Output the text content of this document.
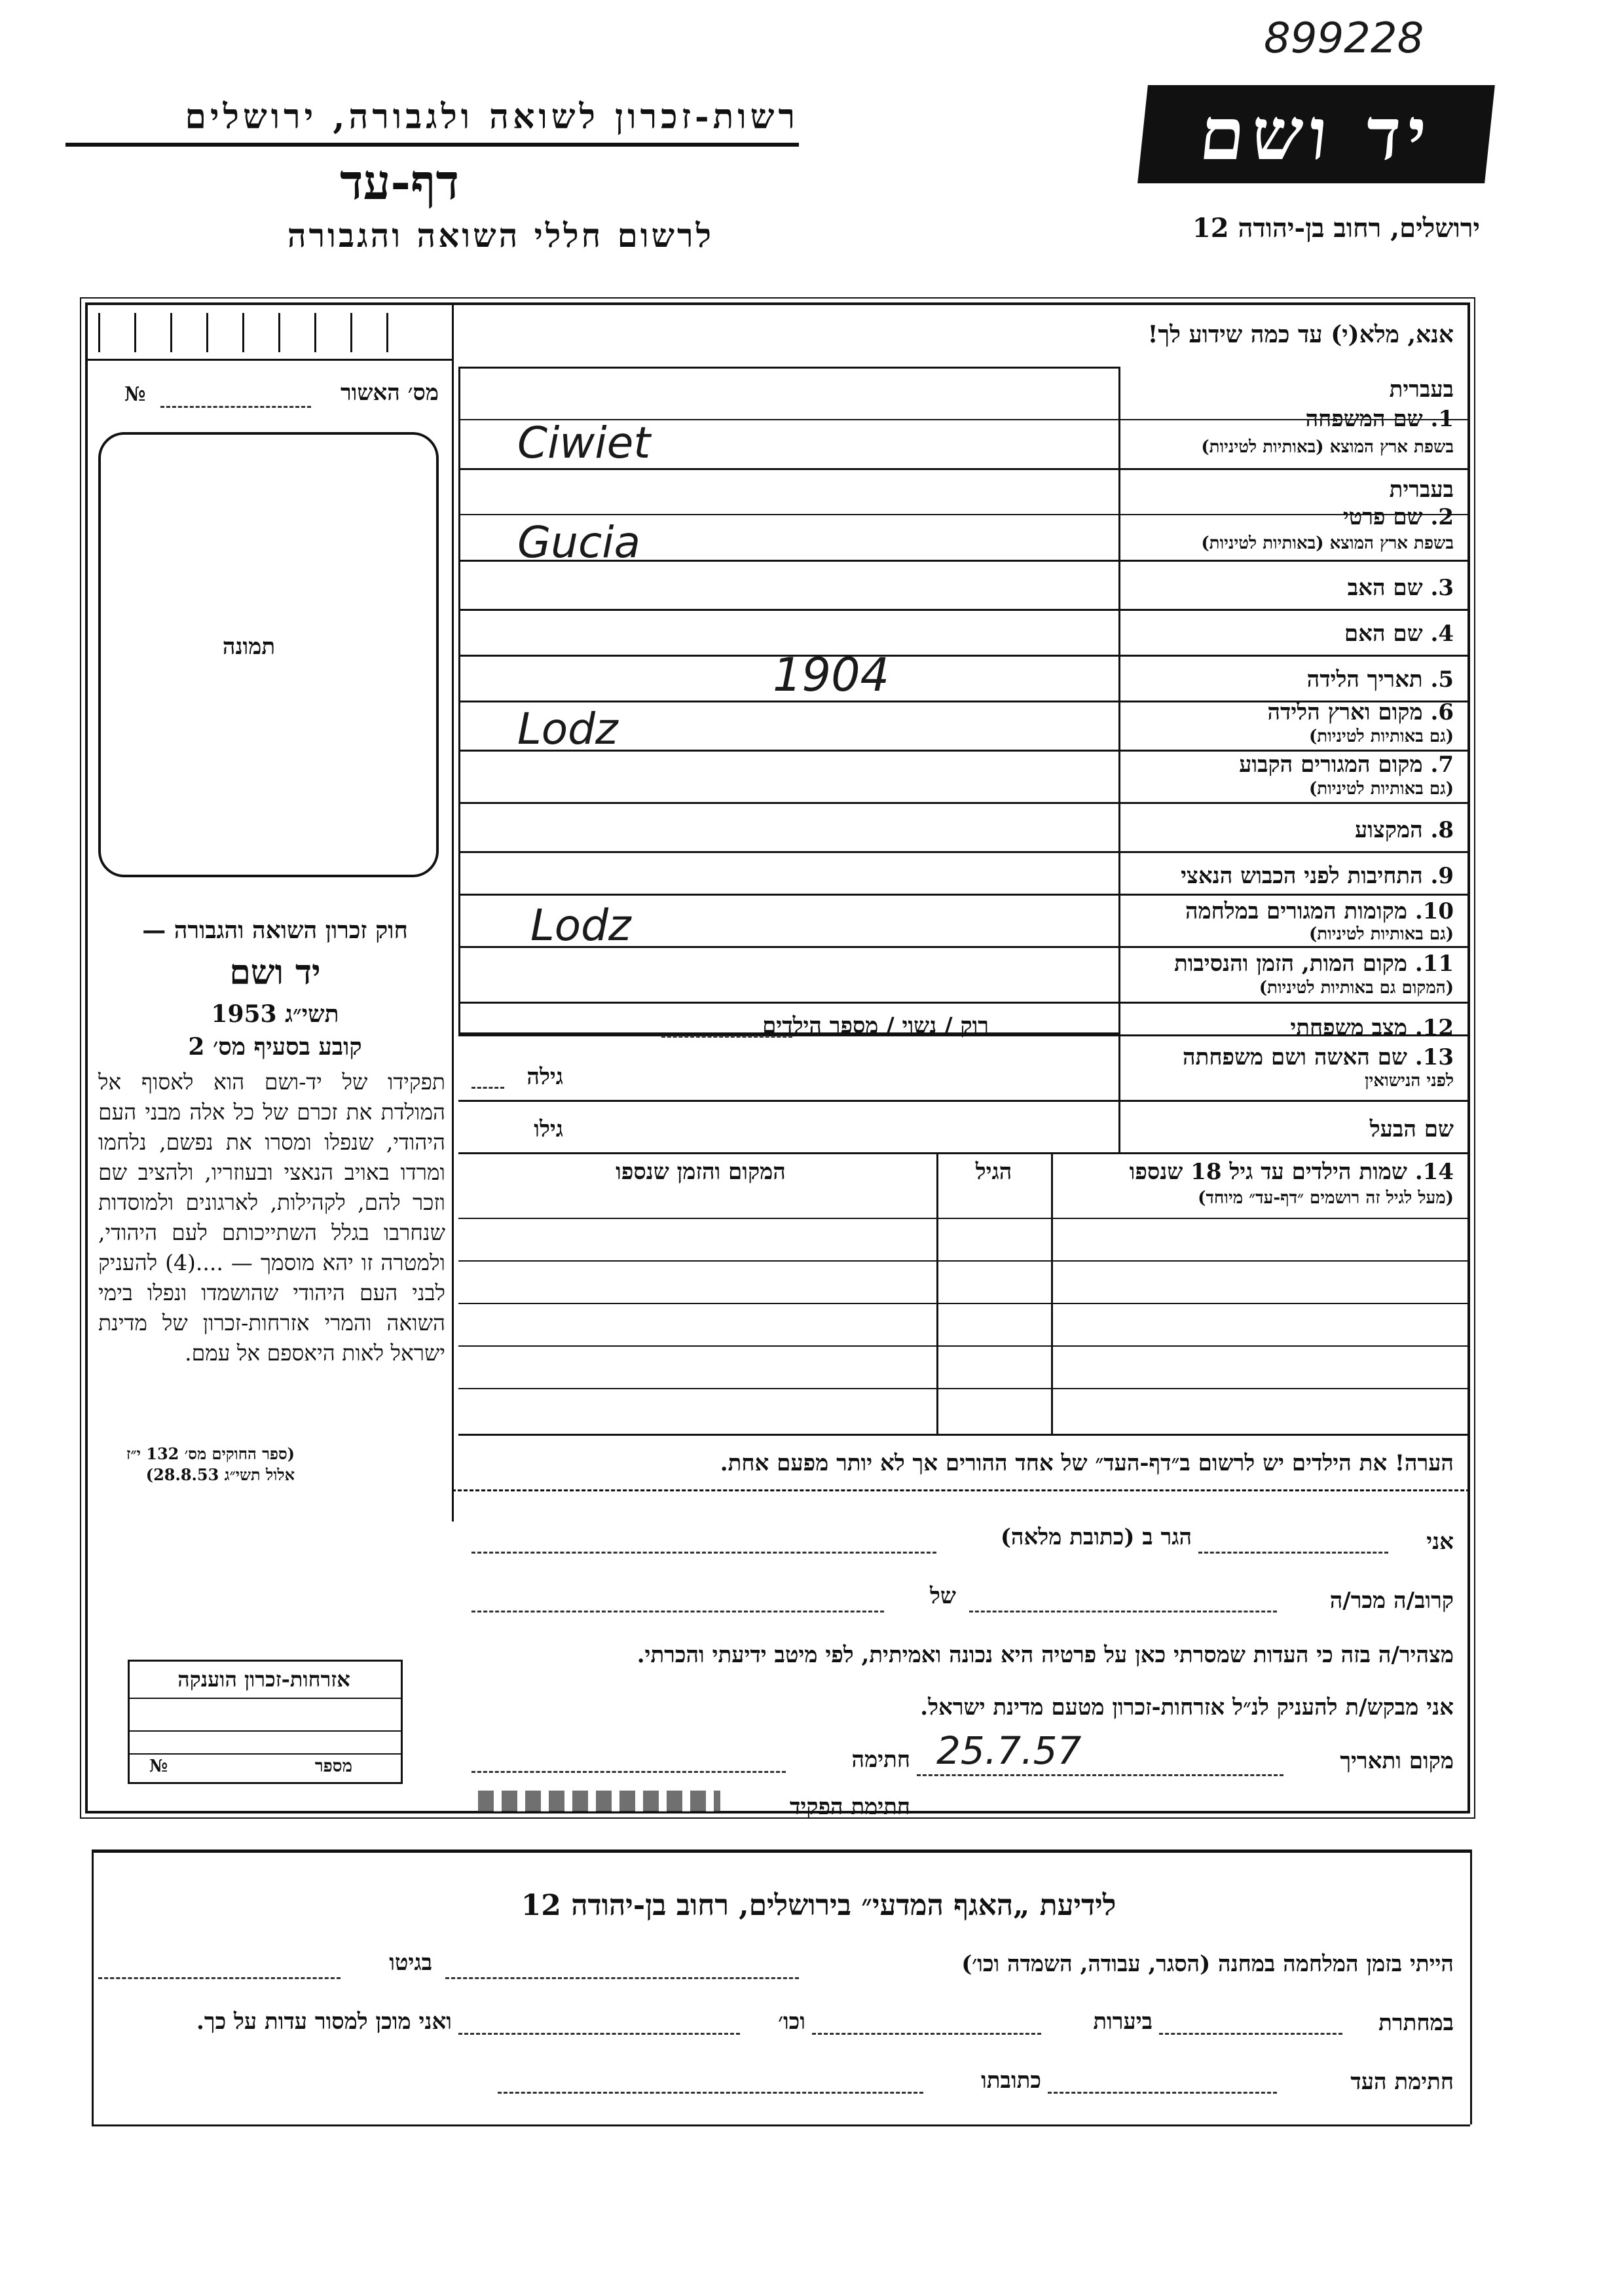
899228
רשות-זכרון לשואה ולגבורה, ירושלים
דף-עד
לרשום חללי השואה והגבורה
יד ושם
ירושלים, רחוב בן-יהודה 12
מס׳ האשור
№
תמונה
חוק זכרון השואה והגבורה —
יד ושם
תשי״ג 1953
קובע בסעיף מס׳ 2
תפקידו של יד-ושם הוא לאסוף אל המולדת את זכרם של כל אלה מבני העם היהודי, שנפלו ומסרו את נפשם, נלחמו ומרדו באויב הנאצי ובעוזריו, ולהציב שם וזכר להם, לקהילות, לארגונים ולמוסדות שנחרבו בגלל השתייכותם לעם היהודי, ולמטרה זו יהא מוסמך — ....(4) להעניק לבני העם היהודי שהושמדו ונפלו בימי השואה והמרי אזרחות-זכרון של מדינת ישראל לאות היאספם אל עמם.
(ספר החוקים מס׳ 132 י״ז אלול תשי״ג 28.8.53)
אנא, מלא(י) עד כמה שידוע לך!
בעברית
1. שם המשפחה
בשפת ארץ המוצא (באותיות לטיניות)
Ciwiet
בעברית
2. שם פרטי
בשפת ארץ המוצא (באותיות לטיניות)
Gucia
3. שם האב
4. שם האם
5. תאריך הלידה
1904
6. מקום וארץ הלידה
(גם באותיות לטיניות)
Lodz
7. מקום המגורים הקבוע
(גם באותיות לטיניות)
8. המקצוע
9. התחיבות לפני הכבוש הנאצי
10. מקומות המגורים במלחמה
(גם באותיות לטיניות)
Lodz
11. מקום המות, הזמן והנסיבות
(המקום גם באותיות לטיניות)
12. מצב משפחתי
רוק / נשוי / מספר הילדים
13. שם האשה ושם משפחתה
לפני הנישואין
גילה
שם הבעל
גילו
14. שמות הילדים עד גיל 18 שנספו
(מעל לגיל זה רושמים ״דף-עד״ מיוחד)
הגיל
המקום והזמן שנספו
הערה! את הילדים יש לרשום ב״דף-העד״ של אחד ההורים אך לא יותר מפעם אחת.
אני
הגר ב (כתובת מלאה)
קרוב/ה מכר/ה
של
מצהיר/ה בזה כי העדות שמסרתי כאן על פרטיה היא נכונה ואמיתית, לפי מיטב ידיעתי והכרתי.
אני מבקש/ת להעניק לנ״ל אזרחות-זכרון מטעם מדינת ישראל.
מקום ותאריך
25.7.57
חתימה
חתימת הפקיד
אזרחות-זכרון הוענקה
מספר
№
לידיעת „האגף המדעי״ בירושלים, רחוב בן-יהודה 12
הייתי בזמן המלחמה במחנה (הסגר, עבודה, השמדה וכו׳)
בגיטו
במחתרת
ביערות
וכו׳
ואני מוכן למסור עדות על כך.
חתימת העד
כתובתו
